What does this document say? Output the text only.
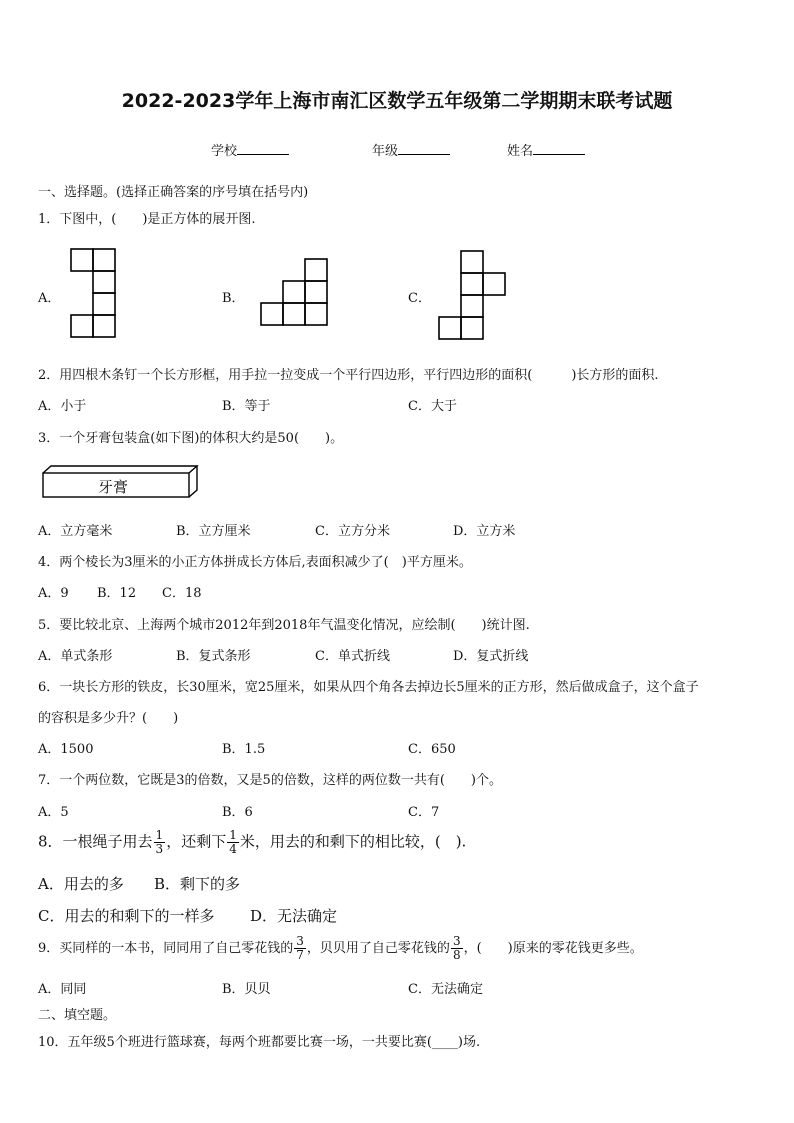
2022-2023学年上海市南汇区数学五年级第二学期期末联考试题
学校	年级	姓名
一、选择题。(选择正确答案的序号填在括号内)
1．下图中，(　　)是正方体的展开图.
A．	B．	C．
2．用四根木条钉一个长方形框，用手拉一拉变成一个平行四边形，平行四边形的面积(　　　)长方形的面积.
A．小于	B．等于	C．大于
3．一个牙膏包装盒(如下图)的体积大约是50(　　)。
牙膏
A．立方毫米	B．立方厘米	C．立方分米	D．立方米
4．两个棱长为3厘米的小正方体拼成长方体后,表面积减少了(　)平方厘米。
A．9 B．12 C．18
5．要比较北京、上海两个城市2012年到2018年气温变化情况，应绘制(　　)统计图.
A．单式条形	B．复式条形	C．单式折线	D．复式折线
6．一块长方形的铁皮，长30厘米，宽25厘米，如果从四个角各去掉边长5厘米的正方形，然后做成盒子，这个盒子
的容积是多少升？(　　)
A．1500	B．1.5	C．650
7．一个两位数，它既是3的倍数，又是5的倍数，这样的两位数一共有(　　)个。
A．5	B．6	C．7
8．一根绳子用去 $\frac{1}{3}$ ，还剩下 $\frac{1}{4}$ 米，用去的和剩下的相比较，(　).
A．用去的多 B．剩下的多
C．用去的和剩下的一样多 D．无法确定
9．买同样的一本书，同同用了自己零花钱的 $\frac{3}{7}$ ，贝贝用了自己零花钱的 $\frac{3}{8}$ ，(　　)原来的零花钱更多些。
A．同同	B．贝贝	C．无法确定
二、填空题。
10．五年级5个班进行篮球赛，每两个班都要比赛一场，一共要比赛(____)场.
